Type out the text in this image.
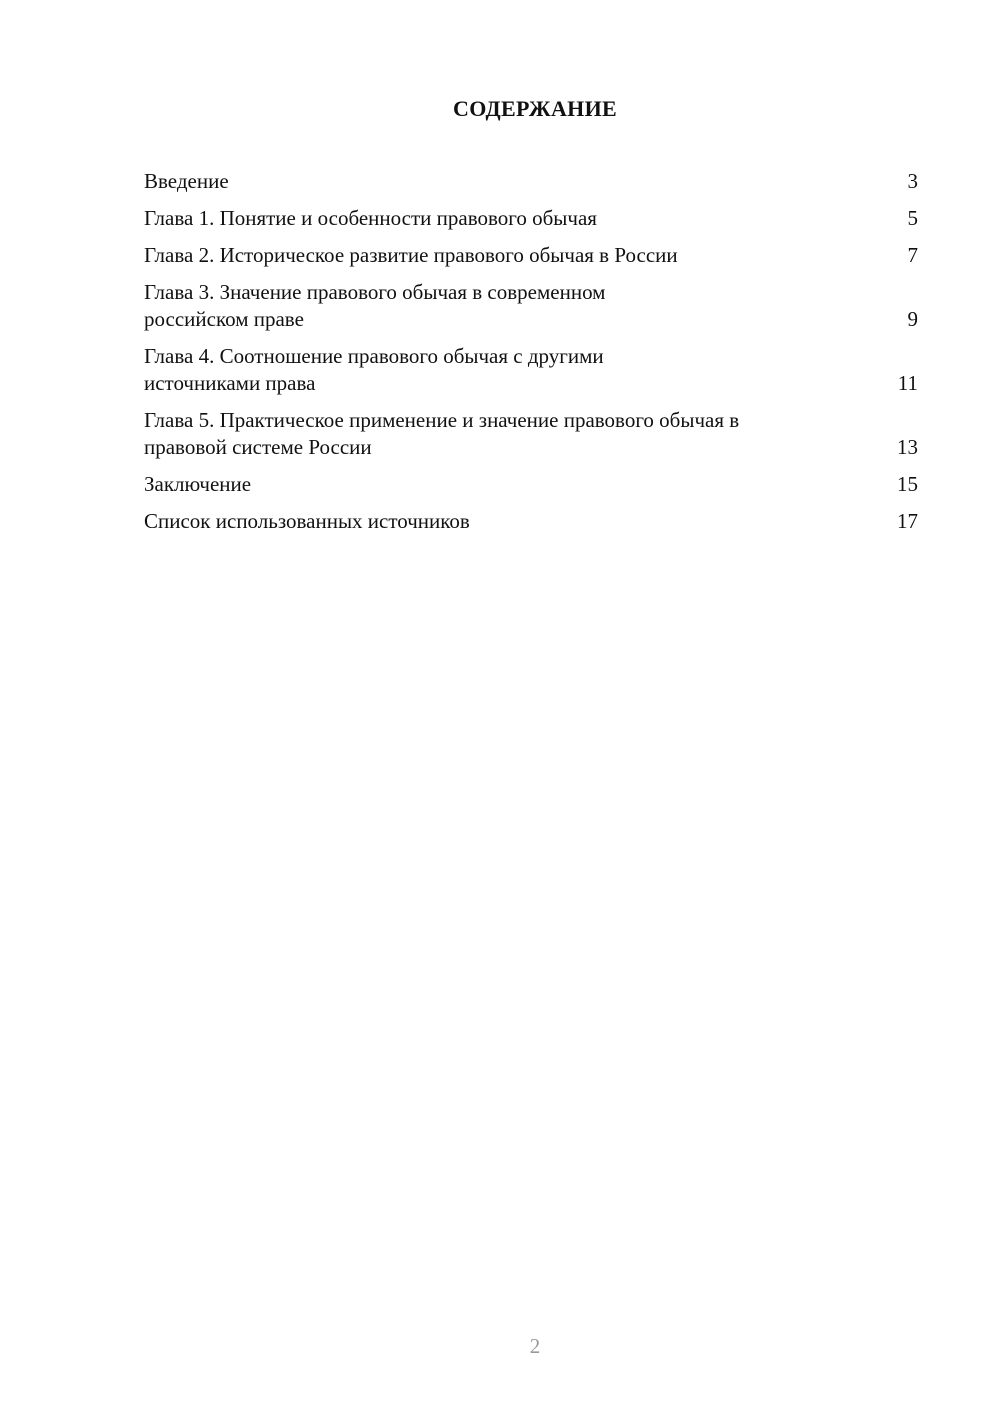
СОДЕРЖАНИЕ
Введение	3
Глава 1. Понятие и особенности правового обычая	5
Глава 2. Историческое развитие правового обычая в России	7
Глава 3. Значение правового обычая в современном российском праве	9
Глава 4. Соотношение правового обычая с другими источниками права	11
Глава 5. Практическое применение и значение правового обычая в правовой системе России	13
Заключение	15
Список использованных источников	17
2
